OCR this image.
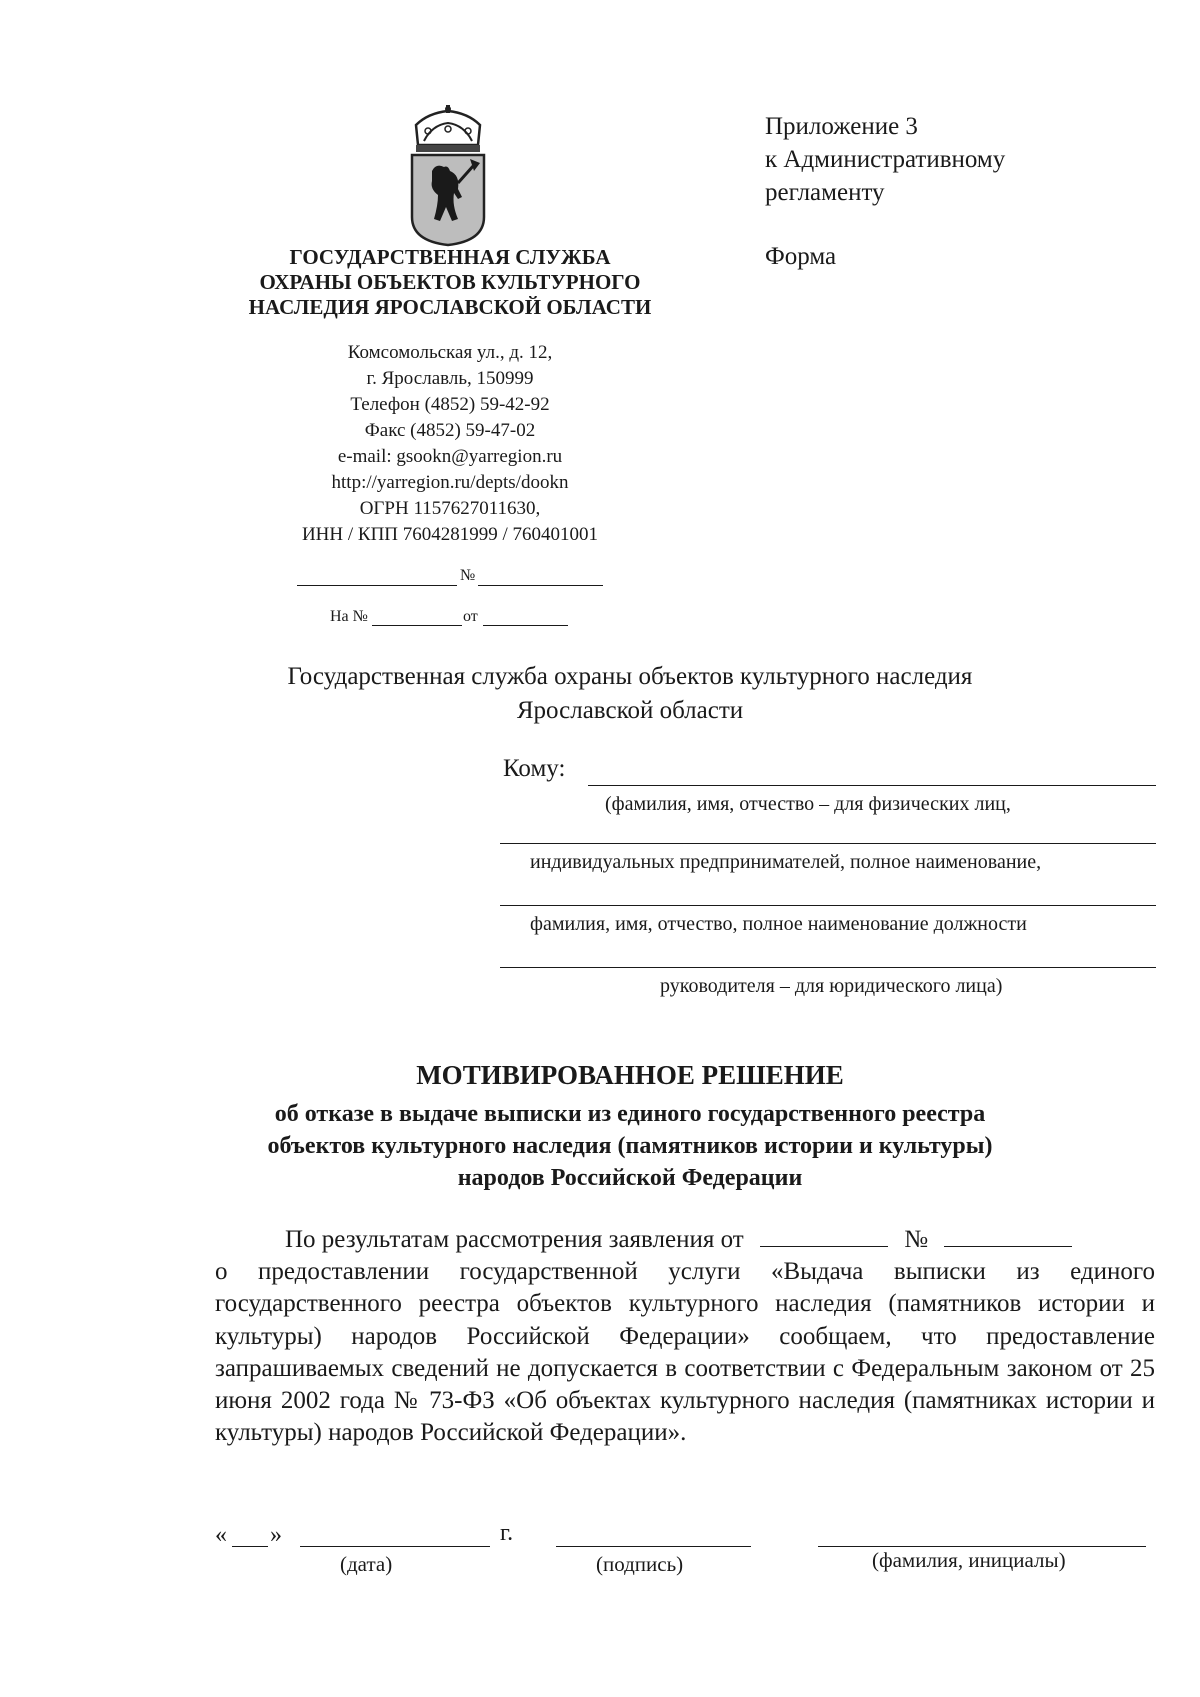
Приложение 3
к Административному
регламенту
Форма
ГОСУДАРСТВЕННАЯ СЛУЖБА
ОХРАНЫ ОБЪЕКТОВ КУЛЬТУРНОГО
НАСЛЕДИЯ ЯРОСЛАВСКОЙ ОБЛАСТИ
Комсомольская ул., д. 12,
г. Ярославль, 150999
Телефон (4852) 59-42-92
Факс (4852) 59-47-02
e-mail: gsookn@yarregion.ru
http://yarregion.ru/depts/dookn
ОГРН 1157627011630,
ИНН / КПП 7604281999 / 760401001
№
На №	от
Государственная служба охраны объектов культурного наследия
Ярославской области
Кому:
(фамилия, имя, отчество – для физических лиц,
индивидуальных предпринимателей, полное наименование,
фамилия, имя, отчество, полное наименование должности
руководителя – для юридического лица)
МОТИВИРОВАННОЕ РЕШЕНИЕ
об отказе в выдаче выписки из единого государственного реестра
объектов культурного наследия (памятников истории и культуры)
народов Российской Федерации
По результатам рассмотрения заявления от	№
о предоставлении государственной услуги «Выдача выписки из единого государственного реестра объектов культурного наследия (памятников истории и культуры) народов Российской Федерации» сообщаем, что предоставление запрашиваемых сведений не допускается в соответствии с Федеральным законом от 25 июня 2002 года № 73-ФЗ «Об объектах культурного наследия (памятниках истории и культуры) народов Российской Федерации».
« »	г.
(дата)	(подпись)	(фамилия, инициалы)
